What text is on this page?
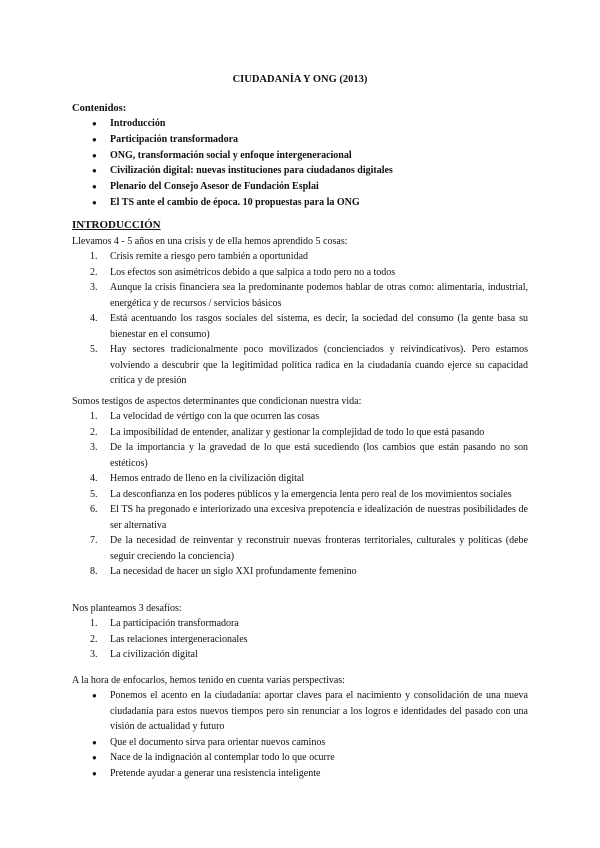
CIUDADANÍA Y ONG (2013)
Contenidos:
● Introducción
● Participación transformadora
● ONG, transformación social y enfoque intergeneracional
● Civilización digital: nuevas instituciones para ciudadanos digitales
● Plenario del Consejo Asesor de Fundación Esplai
● El TS ante el cambio de época. 10 propuestas para la ONG
INTRODUCCIÓN
Llevamos 4 - 5 años en una crisis y de ella hemos aprendido 5 cosas:
1. Crisis remite a riesgo pero también a oportunidad
2. Los efectos son asimétricos debido a que salpica a todo pero no a todos
3. Aunque la crisis financiera sea la predominante podemos hablar de otras como: alimentaria, industrial, energética y de recursos / servicios básicos
4. Está acentuando los rasgos sociales del sistema, es decir, la sociedad del consumo (la gente basa su bienestar en el consumo)
5. Hay sectores tradicionalmente poco movilizados (concienciados y reivindicativos). Pero estamos volviendo a descubrir que la legitimidad política radica en la ciudadanía cuando ejerce su capacidad crítica y de presión
Somos testigos de aspectos determinantes que condicionan nuestra vida:
1. La velocidad de vértigo con la que ocurren las cosas
2. La imposibilidad de entender, analizar y gestionar la complejidad de todo lo que está pasando
3. De la importancia y la gravedad de lo que está sucediendo (los cambios que están pasando no son estéticos)
4. Hemos entrado de lleno en la civilización digital
5. La desconfianza en los poderes públicos y la emergencia lenta pero real de los movimientos sociales
6. El TS ha pregonado e interiorizado una excesiva prepotencia e idealización de nuestras posibilidades de ser alternativa
7. De la necesidad de reinventar y reconstruir nuevas fronteras territoriales, culturales y políticas (debe seguir creciendo la conciencia)
8. La necesidad de hacer un siglo XXI profundamente femenino
Nos planteamos 3 desafíos:
1. La participación transformadora
2. Las relaciones intergeneracionales
3. La civilización digital
A la hora de enfocarlos, hemos tenido en cuenta varias perspectivas:
● Ponemos el acento en la ciudadanía: aportar claves para el nacimiento y consolidación de una nueva ciudadanía para estos nuevos tiempos pero sin renunciar a los logros e identidades del pasado con una visión de actualidad y futuro
● Que el documento sirva para orientar nuevos caminos
● Nace de la indignación al contemplar todo lo que ocurre
● Pretende ayudar a generar una resistencia inteligente
